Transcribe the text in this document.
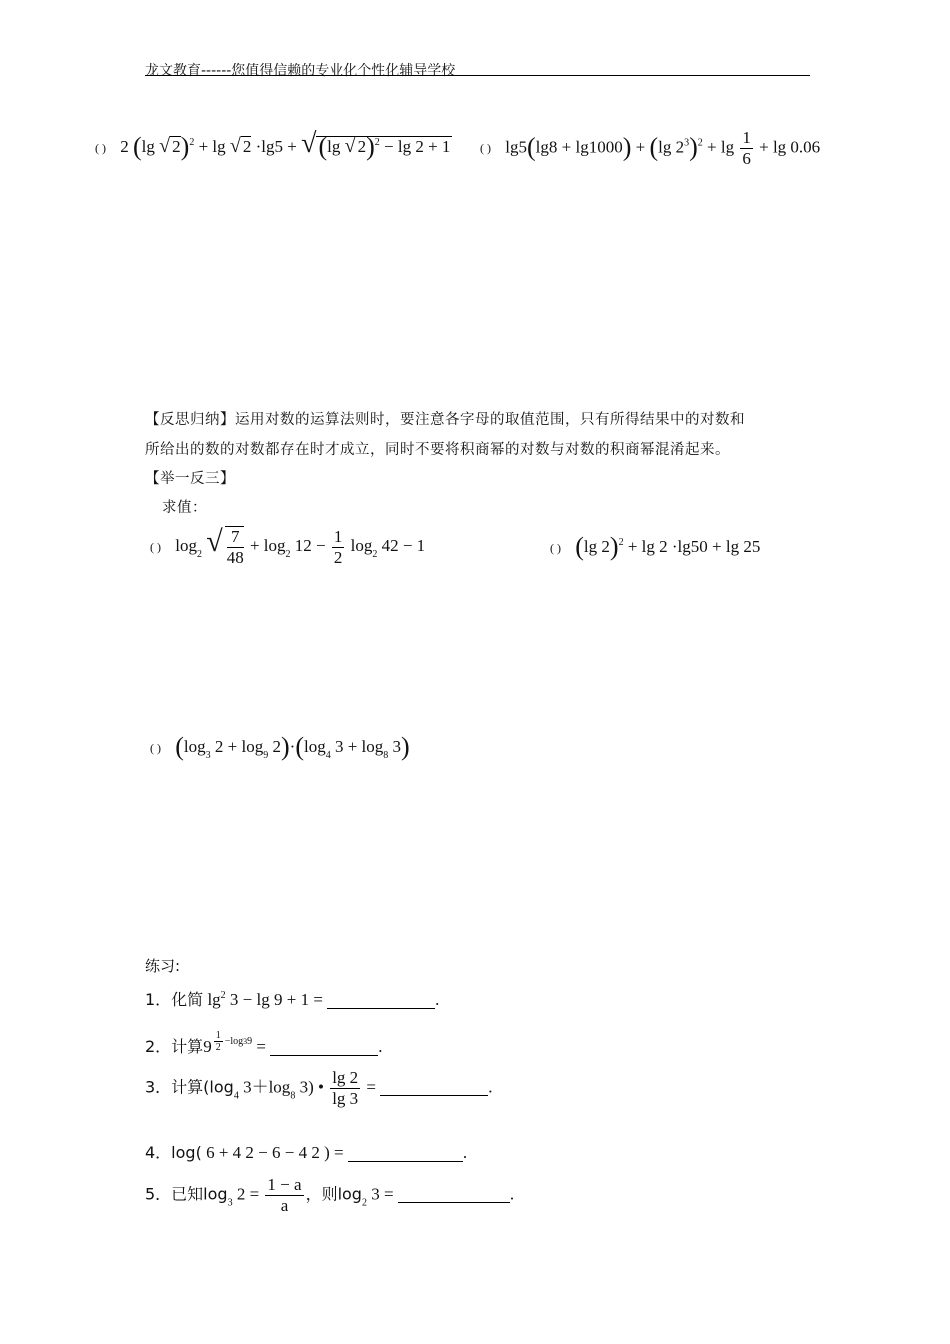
龙文教育------您值得信赖的专业化个性化辅导学校
( ) 2 (lg √ 2)$^2$ + lg √ 2 ·lg5 + √(lg √ 2)$^2$ − lg 2 + 1 ( ) lg5(lg8 + lg1000) + (lg $2^3)^2 + \lg \frac{1}{6} + \lg 0.06$
【反思归纳】运用对数的运算法则时，要注意各字母的取值范围，只有所得结果中的对数和
所给出的数的对数都存在时才成立，同时不要将积商幂的对数与对数的积商幂混淆起来。
【举一反三】
求值：
( ) $\log_2$ √ $\frac{7}{48} + \log_2 12 - \frac{1}{2} \log_2 42 - 1$	( ) (lg 2)$^2$ + lg 2 ·lg50 + lg 25
( ) ($\log_3$ $2 + \log_9 2)\cdot(\log_4$ $3 + \log_8 3$)
练习:
1．化简 $\lg^2 3 - \lg 9 + 1$ =	.
2．计算9 $^{\frac{1}{2} -log39}$ =	.
3．计算($\log_4$ $3+\log_8$ 3) • $\frac{\lg 2}{\lg 3}$ =	.
4．log( 6 + 4 2 − 6 − 4 2 ) =	.
5．已知$\log_3 2 = \frac{1 - a}{a}$ ，则$\log_2 3$ =	.
